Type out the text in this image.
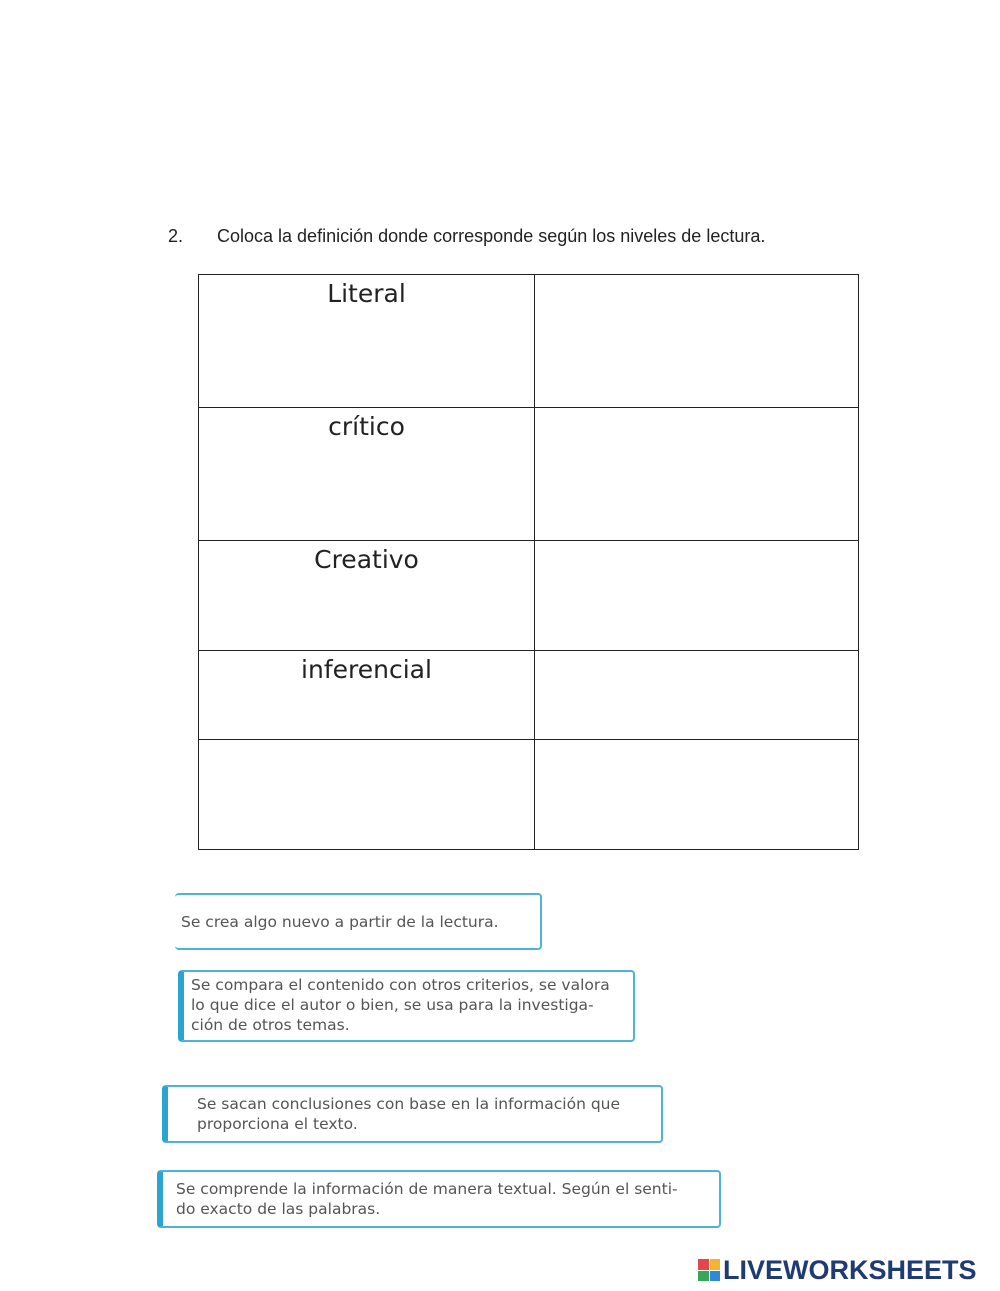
2. Coloca la definición donde corresponde según los niveles de lectura.
Literal	

crítico	

Creativo	

inferencial	

Se crea algo nuevo a partir de la lectura.
Se compara el contenido con otros criterios, se valora
lo que dice el autor o bien, se usa para la investiga-
ción de otros temas.
Se sacan conclusiones con base en la información que
proporciona el texto.
Se comprende la información de manera textual. Según el senti-
do exacto de las palabras.
LIVEWORKSHEETS
